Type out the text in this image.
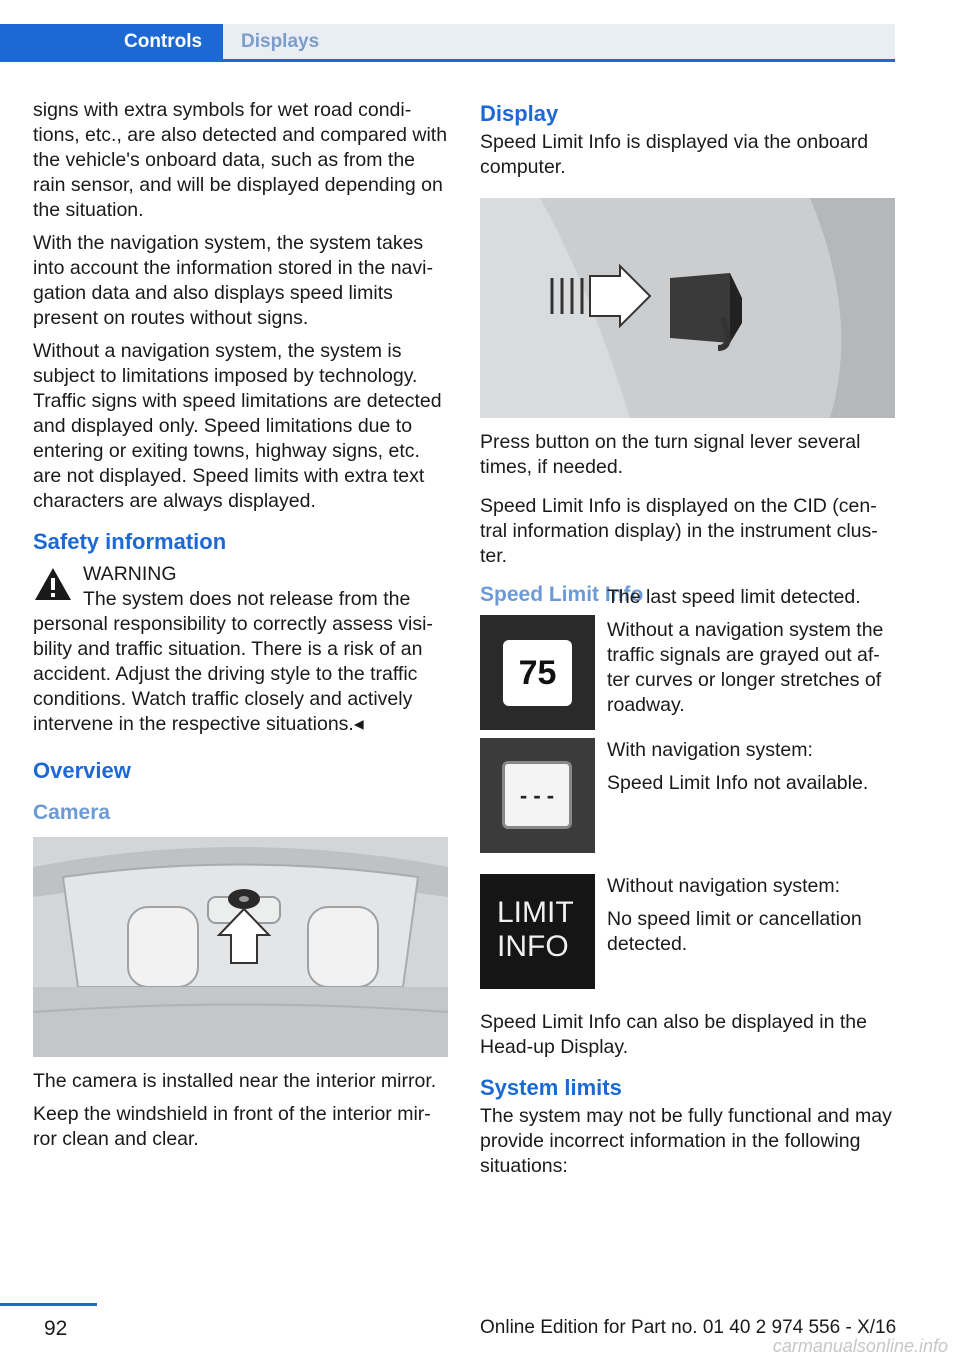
Controls	Displays

signs with extra symbols for wet road conditions, etc., are also detected and compared with the vehicle's onboard data, such as from the rain sensor, and will be displayed depending on the situation.

With the navigation system, the system takes into account the information stored in the navigation data and also displays speed limits present on routes without signs.

Without a navigation system, the system is subject to limitations imposed by technology. Traffic signs with speed limitations are detected and displayed only. Speed limitations due to entering or exiting towns, highway signs, etc. are not displayed. Speed limits with extra text characters are always displayed.

Safety information
WARNING
The system does not release from the

personal responsibility to correctly assess visibility and traffic situation. There is a risk of an accident. Adjust the driving style to the traffic conditions. Watch traffic closely and actively intervene in the respective situations.◂

Overview
Camera

The camera is installed near the interior mirror.

Keep the windshield in front of the interior mirror clean and clear.

Display

Speed Limit Info is displayed via the onboard computer.

Press button on the turn signal lever several times, if needed.

Speed Limit Info is displayed on the CID (central information display) in the instrument cluster.

Speed Limit Info
75

The last speed limit detected.

Without a navigation system the traffic signals are grayed out after curves or longer stretches of roadway.

- - -

With navigation system:

Speed Limit Info not available.

LIMIT
INFO

Without navigation system:

No speed limit or cancellation detected.

Speed Limit Info can also be displayed in the Head-up Display.

System limits

The system may not be fully functional and may provide incorrect information in the following situations:

92	Online Edition for Part no. 01 40 2 974 556 - X/16
carmanualsonline.info
